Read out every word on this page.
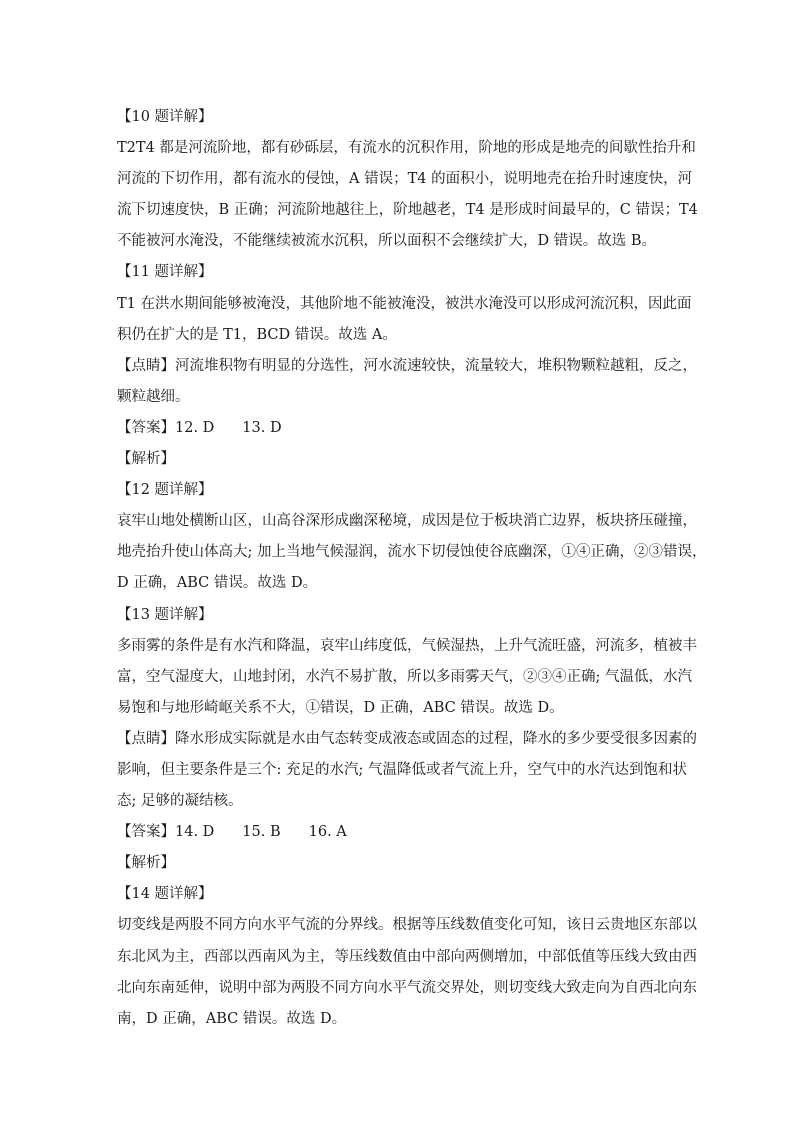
【10 题详解】
T2T4 都是河流阶地，都有砂砾层，有流水的沉积作用，阶地的形成是地壳的间歇性抬升和
河流的下切作用，都有流水的侵蚀，A 错误；T4 的面积小，说明地壳在抬升时速度快，河
流下切速度快，B 正确；河流阶地越往上，阶地越老，T4 是形成时间最早的，C 错误；T4
不能被河水淹没，不能继续被流水沉积，所以面积不会继续扩大，D 错误。故选 B。
【11 题详解】
T1 在洪水期间能够被淹没，其他阶地不能被淹没，被洪水淹没可以形成河流沉积，因此面
积仍在扩大的是 T1，BCD 错误。故选 A。
【点睛】河流堆积物有明显的分选性，河水流速较快，流量较大，堆积物颗粒越粗，反之，
颗粒越细。
【答案】12. D 13. D
【解析】
【12 题详解】
哀牢山地处横断山区，山高谷深形成幽深秘境，成因是位于板块消亡边界，板块挤压碰撞，
地壳抬升使山体高大; 加上当地气候湿润，流水下切侵蚀使谷底幽深，①④正确，②③错误，
D 正确，ABC 错误。故选 D。
【13 题详解】
多雨雾的条件是有水汽和降温，哀牢山纬度低，气候湿热，上升气流旺盛，河流多，植被丰
富，空气湿度大，山地封闭，水汽不易扩散，所以多雨雾天气，②③④正确; 气温低，水汽
易饱和与地形崎岖关系不大，①错误，D 正确，ABC 错误。故选 D。
【点睛】降水形成实际就是水由气态转变成液态或固态的过程，降水的多少要受很多因素的
影响，但主要条件是三个: 充足的水汽; 气温降低或者气流上升，空气中的水汽达到饱和状
态; 足够的凝结核。
【答案】14. D 15. B 16. A
【解析】
【14 题详解】
切变线是两股不同方向水平气流的分界线。根据等压线数值变化可知，该日云贵地区东部以
东北风为主，西部以西南风为主，等压线数值由中部向两侧增加，中部低值等压线大致由西
北向东南延伸，说明中部为两股不同方向水平气流交界处，则切变线大致走向为自西北向东
南，D 正确，ABC 错误。故选 D。
